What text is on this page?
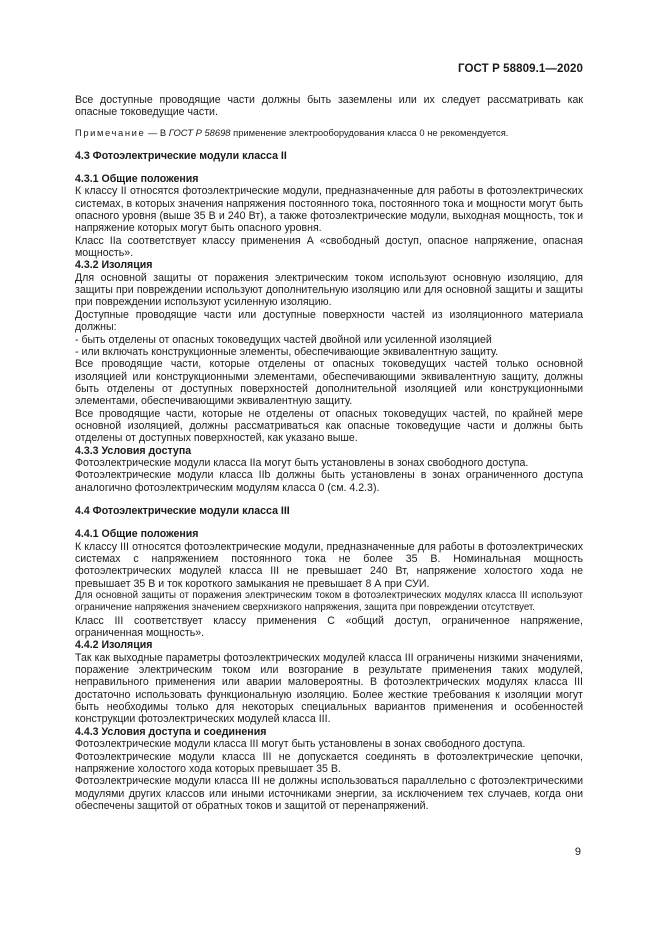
ГОСТ Р 58809.1—2020

Все доступные проводящие части должны быть заземлены или их следует рассматривать как опасные токоведущие части.

Примечание — В ГОСТ Р 58698 применение электрооборудования класса 0 не рекомендуется.

4.3 Фотоэлектрические модули класса II
4.3.1 Общие положения

К классу II относятся фотоэлектрические модули, предназначенные для работы в фотоэлектрических системах, в которых значения напряжения постоянного тока, постоянного тока и мощности могут быть опасного уровня (выше 35 В и 240 Вт), а также фотоэлектрические модули, выходная мощность, ток и напряжение которых могут быть опасного уровня.

Класс IIa соответствует классу применения А «свободный доступ, опасное напряжение, опасная мощность».

4.3.2 Изоляция

Для основной защиты от поражения электрическим током используют основную изоляцию, для защиты при повреждении используют дополнительную изоляцию или для основной защиты и защиты при повреждении используют усиленную изоляцию.

Доступные проводящие части или доступные поверхности частей из изоляционного материала должны:

- быть отделены от опасных токоведущих частей двойной или усиленной изоляцией

- или включать конструкционные элементы, обеспечивающие эквивалентную защиту.

Все проводящие части, которые отделены от опасных токоведущих частей только основной изоляцией или конструкционными элементами, обеспечивающими эквивалентную защиту, должны быть отделены от доступных поверхностей дополнительной изоляцией или конструкционными элементами, обеспечивающими эквивалентную защиту.

Все проводящие части, которые не отделены от опасных токоведущих частей, по крайней мере основной изоляцией, должны рассматриваться как опасные токоведущие части и должны быть отделены от доступных поверхностей, как указано выше.

4.3.3 Условия доступа

Фотоэлектрические модули класса IIa могут быть установлены в зонах свободного доступа.

Фотоэлектрические модули класса IIb должны быть установлены в зонах ограниченного доступа аналогично фотоэлектрическим модулям класса 0 (см. 4.2.3).

4.4 Фотоэлектрические модули класса III
4.4.1 Общие положения

К классу III относятся фотоэлектрические модули, предназначенные для работы в фотоэлектрических системах с напряжением постоянного тока не более 35 В. Номинальная мощность фотоэлектрических модулей класса III не превышает 240 Вт, напряжение холостого хода не превышает 35 В и ток короткого замыкания не превышает 8 А при СУИ.

Для основной защиты от поражения электрическим током в фотоэлектрических модулях класса III используют ограничение напряжения значением сверхнизкого напряжения, защита при повреждении отсутствует.

Класс III соответствует классу применения С «общий доступ, ограниченное напряжение, ограниченная мощность».

4.4.2 Изоляция

Так как выходные параметры фотоэлектрических модулей класса III ограничены низкими значениями, поражение электрическим током или возгорание в результате применения таких модулей, неправильного применения или аварии маловероятны. В фотоэлектрических модулях класса III достаточно использовать функциональную изоляцию. Более жесткие требования к изоляции могут быть необходимы только для некоторых специальных вариантов применения и особенностей конструкции фотоэлектрических модулей класса III.

4.4.3 Условия доступа и соединения

Фотоэлектрические модули класса III могут быть установлены в зонах свободного доступа.

Фотоэлектрические модули класса III не допускается соединять в фотоэлектрические цепочки, напряжение холостого хода которых превышает 35 В.

Фотоэлектрические модули класса III не должны использоваться параллельно с фотоэлектрическими модулями других классов или иными источниками энергии, за исключением тех случаев, когда они обеспечены защитой от обратных токов и защитой от перенапряжений.

9
